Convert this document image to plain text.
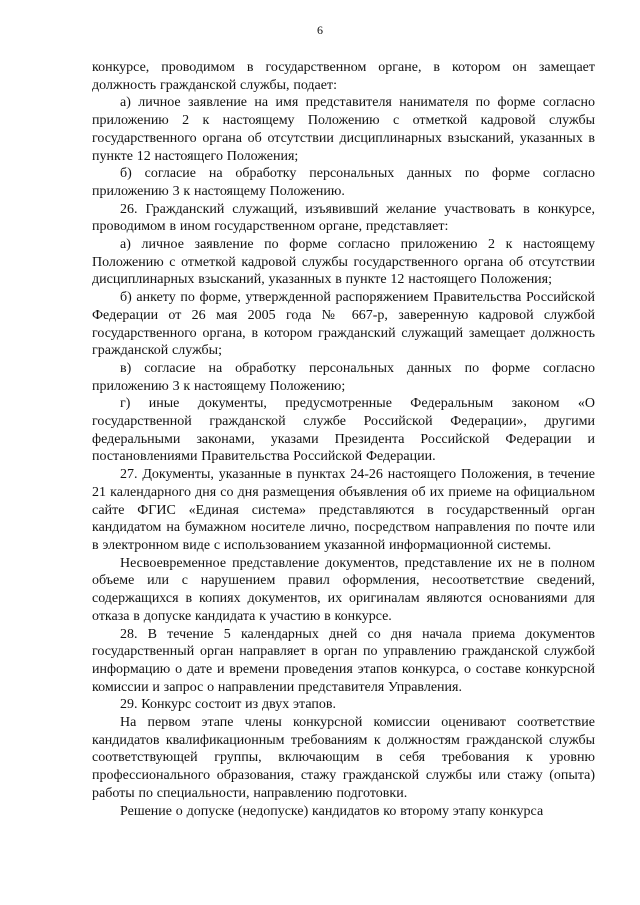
6

конкурсе, проводимом в государственном органе, в котором он замещает должность гражданской службы, подает:

а) личное заявление на имя представителя нанимателя по форме согласно приложению 2 к настоящему Положению с отметкой кадровой службы государственного органа об отсутствии дисциплинарных взысканий, указанных в пункте 12 настоящего Положения;

б) согласие на обработку персональных данных по форме согласно приложению 3 к настоящему Положению.

26. Гражданский служащий, изъявивший желание участвовать в конкурсе, проводимом в ином государственном органе, представляет:

а) личное заявление по форме согласно приложению 2 к настоящему Положению с отметкой кадровой службы государственного органа об отсутствии дисциплинарных взысканий, указанных в пункте 12 настоящего Положения;

б) анкету по форме, утвержденной распоряжением Правительства Российской Федерации от 26 мая 2005 года № 667-р, заверенную кадровой службой государственного органа, в котором гражданский служащий замещает должность гражданской службы;

в) согласие на обработку персональных данных по форме согласно приложению 3 к настоящему Положению;

г) иные документы, предусмотренные Федеральным законом «О государственной гражданской службе Российской Федерации», другими федеральными законами, указами Президента Российской Федерации и постановлениями Правительства Российской Федерации.

27. Документы, указанные в пунктах 24-26 настоящего Положения, в течение 21 календарного дня со дня размещения объявления об их приеме на официальном сайте ФГИС «Единая система» представляются в государственный орган кандидатом на бумажном носителе лично, посредством направления по почте или в электронном виде с использованием указанной информационной системы.

Несвоевременное представление документов, представление их не в полном объеме или с нарушением правил оформления, несоответствие сведений, содержащихся в копиях документов, их оригиналам являются основаниями для отказа в допуске кандидата к участию в конкурсе.

28. В течение 5 календарных дней со дня начала приема документов государственный орган направляет в орган по управлению гражданской службой информацию о дате и времени проведения этапов конкурса, о составе конкурсной комиссии и запрос о направлении представителя Управления.

29. Конкурс состоит из двух этапов.

На первом этапе члены конкурсной комиссии оценивают соответствие кандидатов квалификационным требованиям к должностям гражданской службы соответствующей группы, включающим в себя требования к уровню профессионального образования, стажу гражданской службы или стажу (опыта) работы по специальности, направлению подготовки.

Решение о допуске (недопуске) кандидатов ко второму этапу конкурса
